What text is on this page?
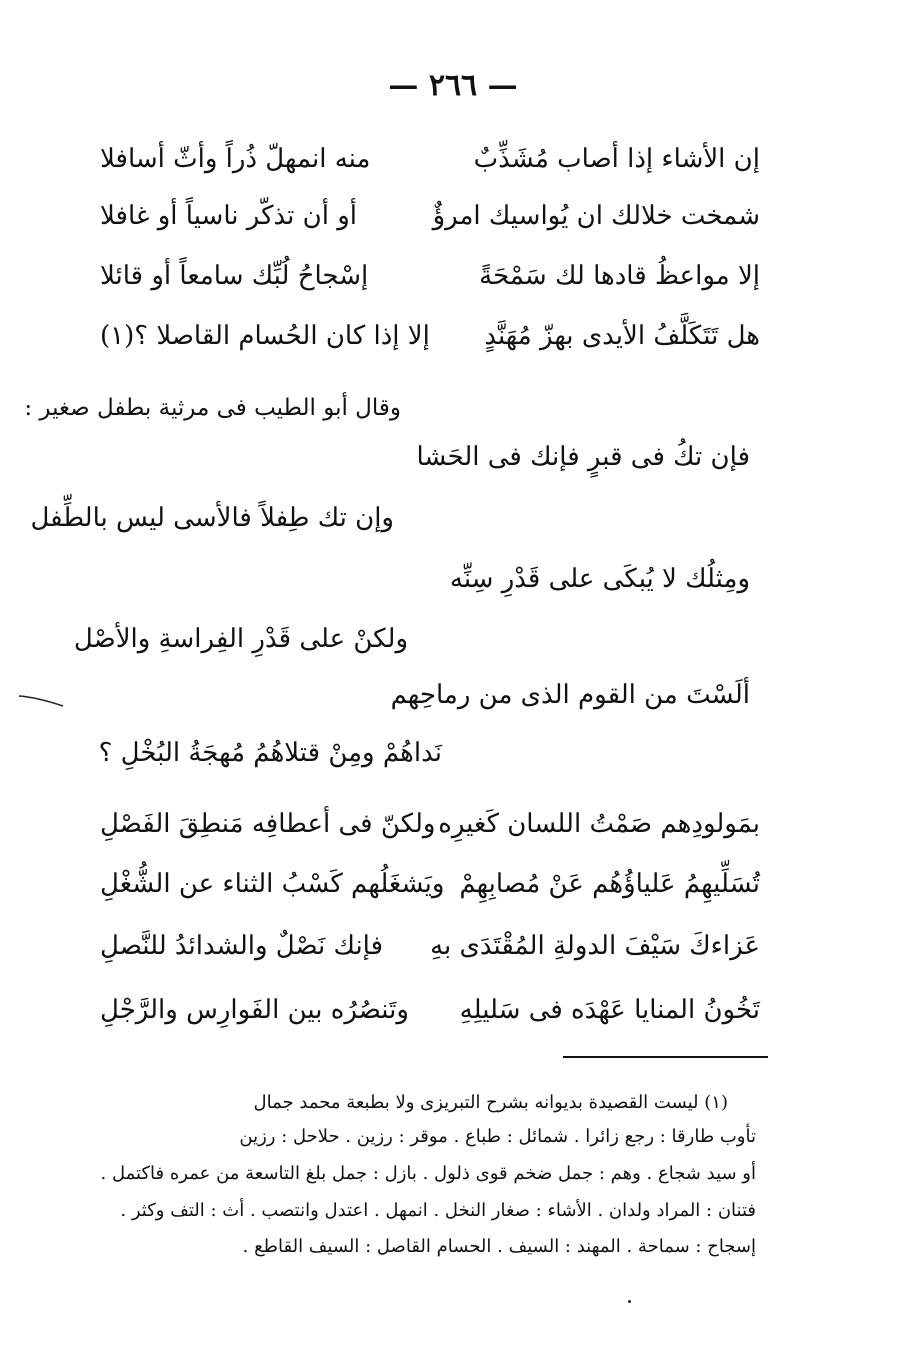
— ٢٦٦ —
إن الأشاء إذا أصاب مُشَذِّبٌ
منه انمهلّ ذُراً وأثّ أسافلا
شمخت خلالك ان يُواسيك امرؤٌ
أو أن تذكّر ناسياً أو غافلا
إلا مواعظُ قادها لك سَمْحَةً
إسْجاحُ لُبِّك سامعاً أو قائلا
هل تَتَكَلَّفُ الأيدى بهزّ مُهَنَّدٍ
إلا إذا كان الحُسام القاصلا ؟(١)
وقال أبو الطيب فى مرثية بطفل صغير :
فإن تكُ فى قبرٍ فإنك فى الحَشا
وإن تك طِفلاً فالأسى ليس بالطِّفل
ومِثلُك لا يُبكَى على قَدْرِ سِنِّه
ولكنْ على قَدْرِ الفِراسةِ والأصْل
ألَسْتَ من القوم الذى من رماحِهم
نَداهُمْ ومِنْ قتلاهُمُ مُهجَةُ البُخْلِ ؟
بمَولودِهم صَمْتُ اللسان كَغيرِه
ولكنّ فى أعطافِه مَنطِقَ الفَصْلِ
تُسَلِّيهِمُ عَلياؤُهُم عَنْ مُصابِهِمْ
ويَشغَلُهم كَسْبُ الثناء عن الشُّغْلِ
عَزاءكَ سَيْفَ الدولةِ المُقْتَدَى بهِ
فإنك نَصْلٌ والشدائدُ للنَّصلِ
تَخُونُ المنايا عَهْدَه فى سَليلِهِ
وتَنصُرُه بين الفَوارِس والرَّجْلِ
(١) ليست القصيدة بديوانه بشرح التبريزى ولا بطبعة محمد جمال
تأوب طارقا : رجع زائرا . شمائل : طباع . موقر : رزين . حلاحل : رزين
أو سيد شجاع . وهم : جمل ضخم قوى ذلول . بازل : جمل بلغ التاسعة من عمره فاكتمل .
فتنان : المراد ولدان . الأشاء : صغار النخل . انمهل . اعتدل وانتصب . أث : التف وكثر .
إسجاح : سماحة . المهند : السيف . الحسام القاصل : السيف القاطع .
